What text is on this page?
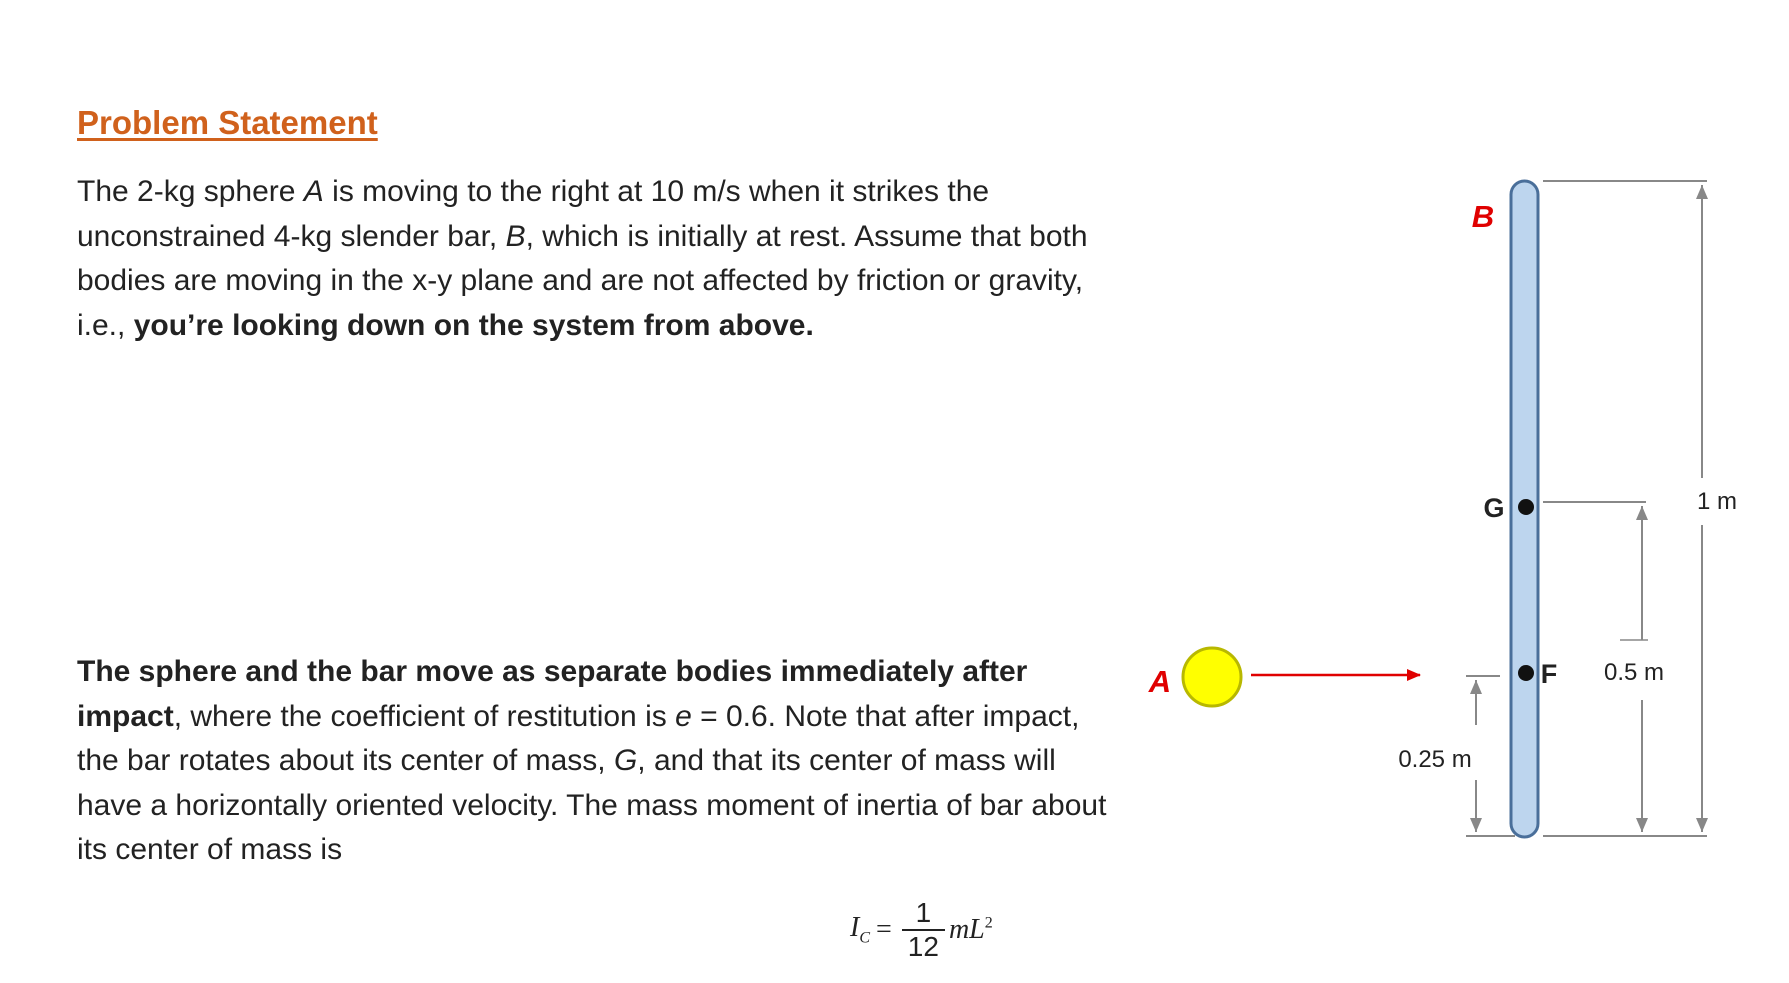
Problem Statement
The 2-kg sphere A is moving to the right at 10 m/s when it strikes the unconstrained 4-kg slender bar, B, which is initially at rest. Assume that both bodies are moving in the x-y plane and are not affected by friction or gravity, i.e., you’re looking down on the system from above.
The sphere and the bar move as separate bodies immediately after impact, where the coefficient of restitution is e = 0.6. Note that after impact, the bar rotates about its center of mass, G, and that its center of mass will have a horizontally oriented velocity. The mass moment of inertia of bar about its center of mass is
$I_C = \frac{1}{12} mL^2$
1 m
0.5 m
0.25 m
B
G
F
A
